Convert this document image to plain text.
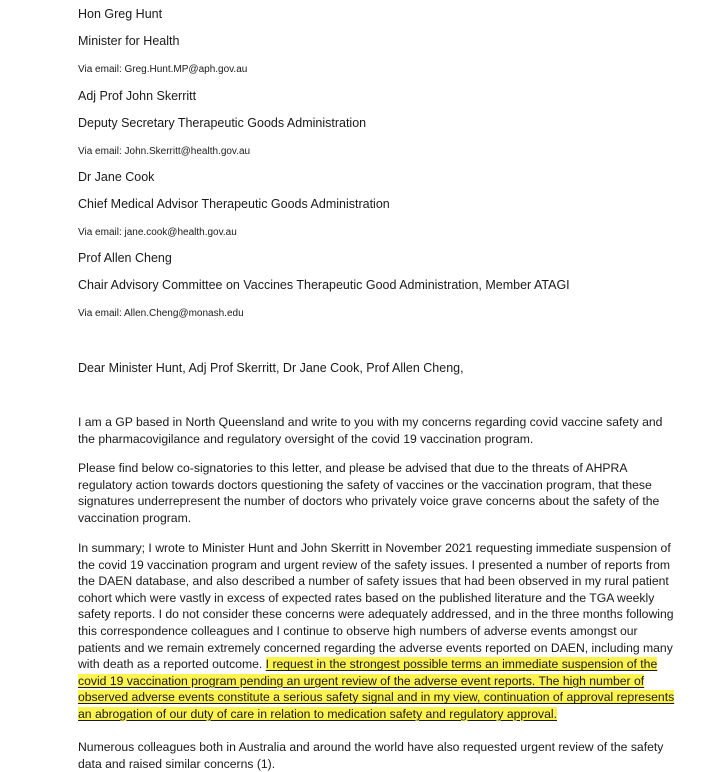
Hon Greg Hunt
Minister for Health
Via email: Greg.Hunt.MP@aph.gov.au
Adj Prof John Skerritt
Deputy Secretary Therapeutic Goods Administration
Via email: John.Skerritt@health.gov.au
Dr Jane Cook
Chief Medical Advisor Therapeutic Goods Administration
Via email: jane.cook@health.gov.au
Prof Allen Cheng
Chair Advisory Committee on Vaccines Therapeutic Good Administration, Member ATAGI
Via email: Allen.Cheng@monash.edu
Dear Minister Hunt, Adj Prof Skerritt, Dr Jane Cook, Prof Allen Cheng,

I am a GP based in North Queensland and write to you with my concerns regarding covid vaccine safety and the pharmacovigilance and regulatory oversight of the covid 19 vaccination program.

Please find below co-signatories to this letter, and please be advised that due to the threats of AHPRA regulatory action towards doctors questioning the safety of vaccines or the vaccination program, that these signatures underrepresent the number of doctors who privately voice grave concerns about the safety of the vaccination program.

In summary; I wrote to Minister Hunt and John Skerritt in November 2021 requesting immediate suspension of the covid 19 vaccination program and urgent review of the safety issues. I presented a number of reports from the DAEN database, and also described a number of safety issues that had been observed in my rural patient cohort which were vastly in excess of expected rates based on the published literature and the TGA weekly safety reports. I do not consider these concerns were adequately addressed, and in the three months following this correspondence colleagues and I continue to observe high numbers of adverse events amongst our patients and we remain extremely concerned regarding the adverse events reported on DAEN, including many with death as a reported outcome. I request in the strongest possible terms an immediate suspension of the covid 19 vaccination program pending an urgent review of the adverse event reports. The high number of observed adverse events constitute a serious safety signal and in my view, continuation of approval represents an abrogation of our duty of care in relation to medication safety and regulatory approval.

Numerous colleagues both in Australia and around the world have also requested urgent review of the safety data and raised similar concerns (1).
